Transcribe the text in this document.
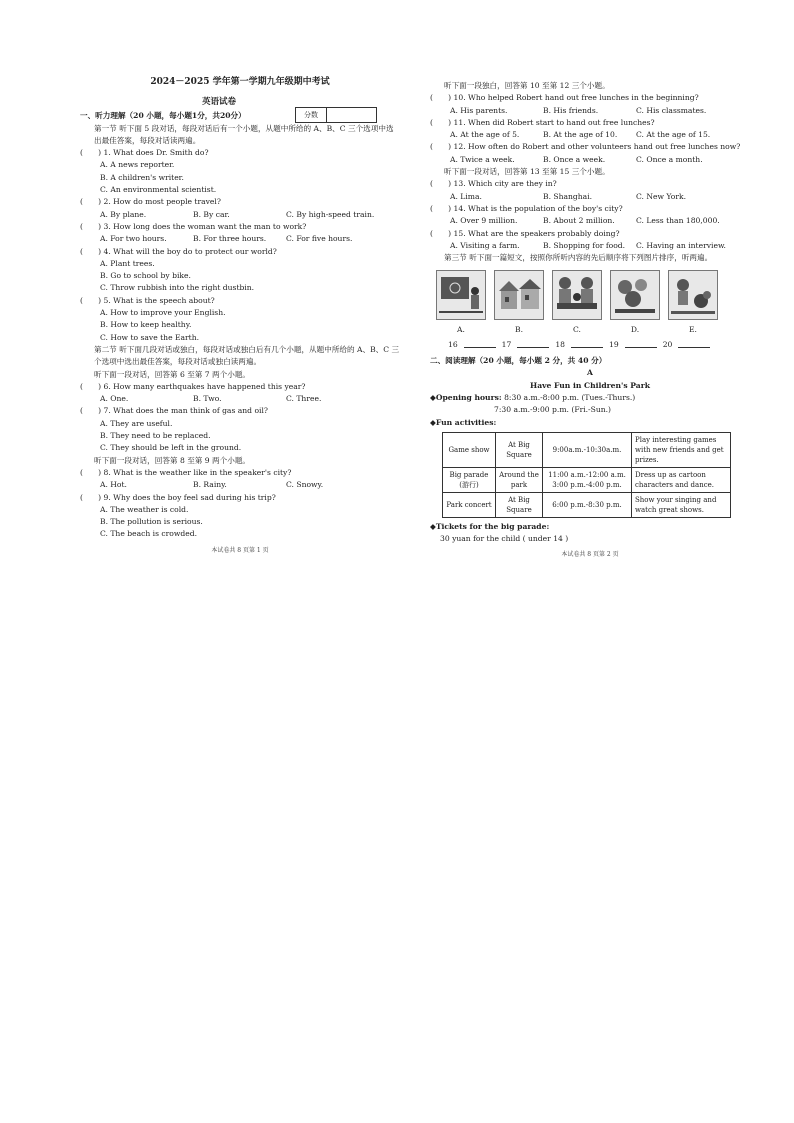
2024－2025 学年第一学期九年级期中考试
英语试卷
一、听力理解（20 小题，每小题1分，共20分）
第一节 听下面 5 段对话，每段对话后有一个小题，从题中所给的 A、B、C 三个选项中选出最佳答案，每段对话读两遍。
(　　) 1. What does Dr. Smith do?
A. A news reporter.
B. A children's writer.
C. An environmental scientist.
(　　) 2. How do most people travel?
A. By plane.	B. By car.	C. By high-speed train.
(　　) 3. How long does the woman want the man to work?
A. For two hours.	B. For three hours.	C. For five hours.
(　　) 4. What will the boy do to protect our world?
A. Plant trees.
B. Go to school by bike.
C. Throw rubbish into the right dustbin.
(　　) 5. What is the speech about?
A. How to improve your English.
B. How to keep healthy.
C. How to save the Earth.
第二节 听下面几段对话或独白，每段对话或独白后有几个小题，从题中所给的 A、B、C 三个选项中选出最佳答案，每段对话或独白读两遍。
听下面一段对话，回答第 6 至第 7 两个小题。
(　　) 6. How many earthquakes have happened this year?
A. One.	B. Two.	C. Three.
(　　) 7. What does the man think of gas and oil?
A. They are useful.
B. They need to be replaced.
C. They should be left in the ground.
听下面一段对话，回答第 8 至第 9 两个小题。
(　　) 8. What is the weather like in the speaker's city?
A. Hot.	B. Rainy.	C. Snowy.
(　　) 9. Why does the boy feel sad during his trip?
A. The weather is cold.
B. The pollution is serious.
C. The beach is crowded.
本试卷共 8 页第 1 页
分数
听下面一段独白，回答第 10 至第 12 三个小题。
(　　) 10. Who helped Robert hand out free lunches in the beginning?
A. His parents.	B. His friends.	C. His classmates.
(　　) 11. When did Robert start to hand out free lunches?
A. At the age of 5.	B. At the age of 10.	C. At the age of 15.
(　　) 12. How often do Robert and other volunteers hand out free lunches now?
A. Twice a week.	B. Once a week.	C. Once a month.
听下面一段对话，回答第 13 至第 15 三个小题。
(　　) 13. Which city are they in?
A. Lima.	B. Shanghai.	C. New York.
(　　) 14. What is the population of the boy's city?
A. Over 9 million.	B. About 2 million.	C. Less than 180,000.
(　　) 15. What are the speakers probably doing?
A. Visiting a farm.	B. Shopping for food.	C. Having an interview.
第三节 听下面一篇短文，按照你所听内容的先后顺序将下列图片排序，听两遍。
A.	B.	C.	D.	E.
16	17	18	19	20
二、阅读理解（20 小题，每小题 2 分，共 40 分）
A
Have Fun in Children's Park
◆Opening hours: 8:30 a.m.-8:00 p.m. (Tues.-Thurs.)
7:30 a.m.-9:00 p.m. (Fri.-Sun.)
◆Fun activities:
Game show	At Big Square	9:00a.m.-10:30a.m.	Play interesting games with new friends and get prizes.
Big parade (游行)	Around the park	11:00 a.m.-12:00 a.m. 3:00 p.m.-4:00 p.m.	Dress up as cartoon characters and dance.
Park concert	At Big Square	6:00 p.m.-8:30 p.m.	Show your singing and watch great shows.
◆Tickets for the big parade:
30 yuan for the child ( under 14 )
本试卷共 8 页第 2 页
